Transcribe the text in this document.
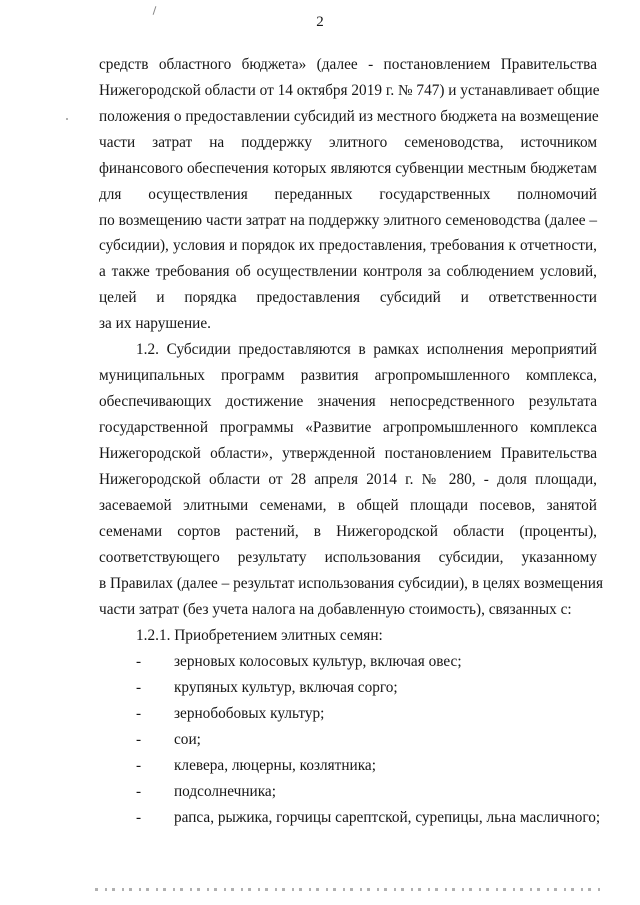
2
средств областного бюджета» (далее - постановлением Правительства
Нижегородской области от 14 октября 2019 г. № 747) и устанавливает общие
положения о предоставлении субсидий из местного бюджета на возмещение
части затрат на поддержку элитного семеноводства, источником
финансового обеспечения которых являются субвенции местным бюджетам
для осуществления переданных государственных полномочий
по возмещению части затрат на поддержку элитного семеноводства (далее –
субсидии), условия и порядок их предоставления, требования к отчетности,
а также требования об осуществлении контроля за соблюдением условий,
целей и порядка предоставления субсидий и ответственности
за их нарушение.
1.2. Субсидии предоставляются в рамках исполнения мероприятий
муниципальных программ развития агропромышленного комплекса,
обеспечивающих достижение значения непосредственного результата
государственной программы «Развитие агропромышленного комплекса
Нижегородской области», утвержденной постановлением Правительства
Нижегородской области от 28 апреля 2014 г. № 280, - доля площади,
засеваемой элитными семенами, в общей площади посевов, занятой
семенами сортов растений, в Нижегородской области (проценты),
соответствующего результату использования субсидии, указанному
в Правилах (далее – результат использования субсидии), в целях возмещения
части затрат (без учета налога на добавленную стоимость), связанных с:
1.2.1. Приобретением элитных семян:
- зерновых колосовых культур, включая овес;
- крупяных культур, включая сорго;
- зернобобовых культур;
- сои;
- клевера, люцерны, козлятника;
- подсолнечника;
- рапса, рыжика, горчицы сарептской, сурепицы, льна масличного;
